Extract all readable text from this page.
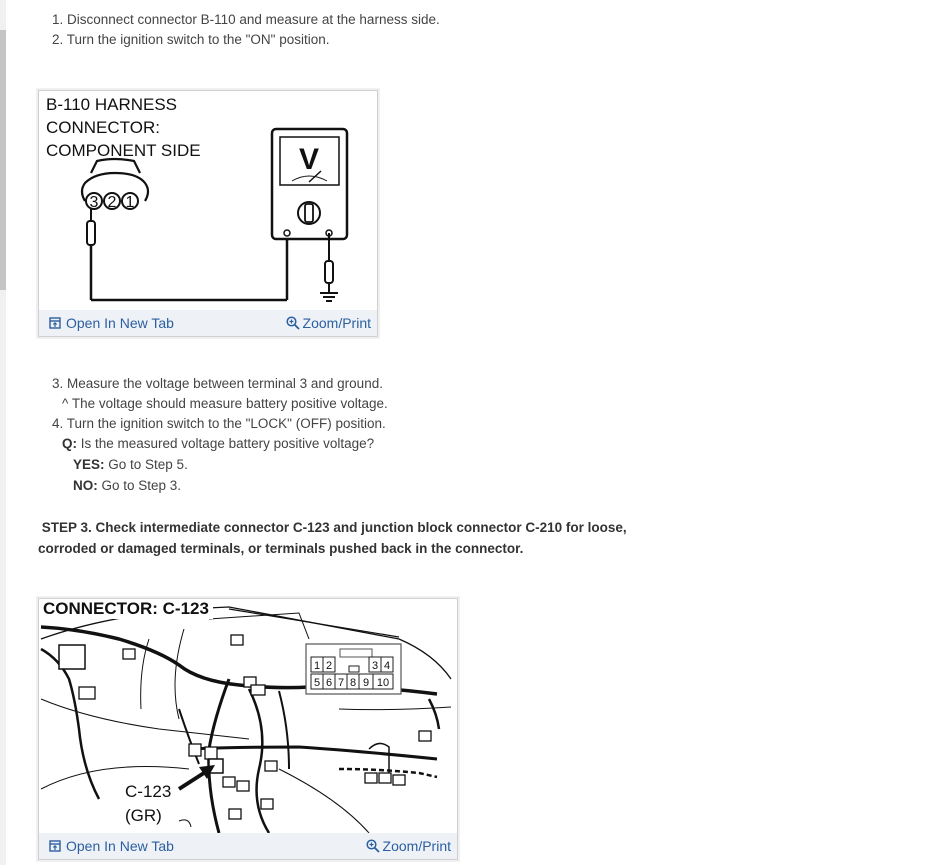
1. Disconnect connector B-110 and measure at the harness side.
2. Turn the ignition switch to the "ON" position.
B-110 HARNESS
CONNECTOR:
COMPONENT SIDE
3 2 1
V
Open In New Tab	Zoom/Print
3. Measure the voltage between terminal 3 and ground.
^ The voltage should measure battery positive voltage.
4. Turn the ignition switch to the "LOCK" (OFF) position.
Q: Is the measured voltage battery positive voltage?
YES: Go to Step 5.
NO: Go to Step 3.
STEP 3. Check intermediate connector C-123 and junction block connector C-210 for loose,
corroded or damaged terminals, or terminals pushed back in the connector.
1 2	3 4
5 6 7 8 9 10
CONNECTOR: C-123
C-123
(GR)
Open In New Tab	Zoom/Print
